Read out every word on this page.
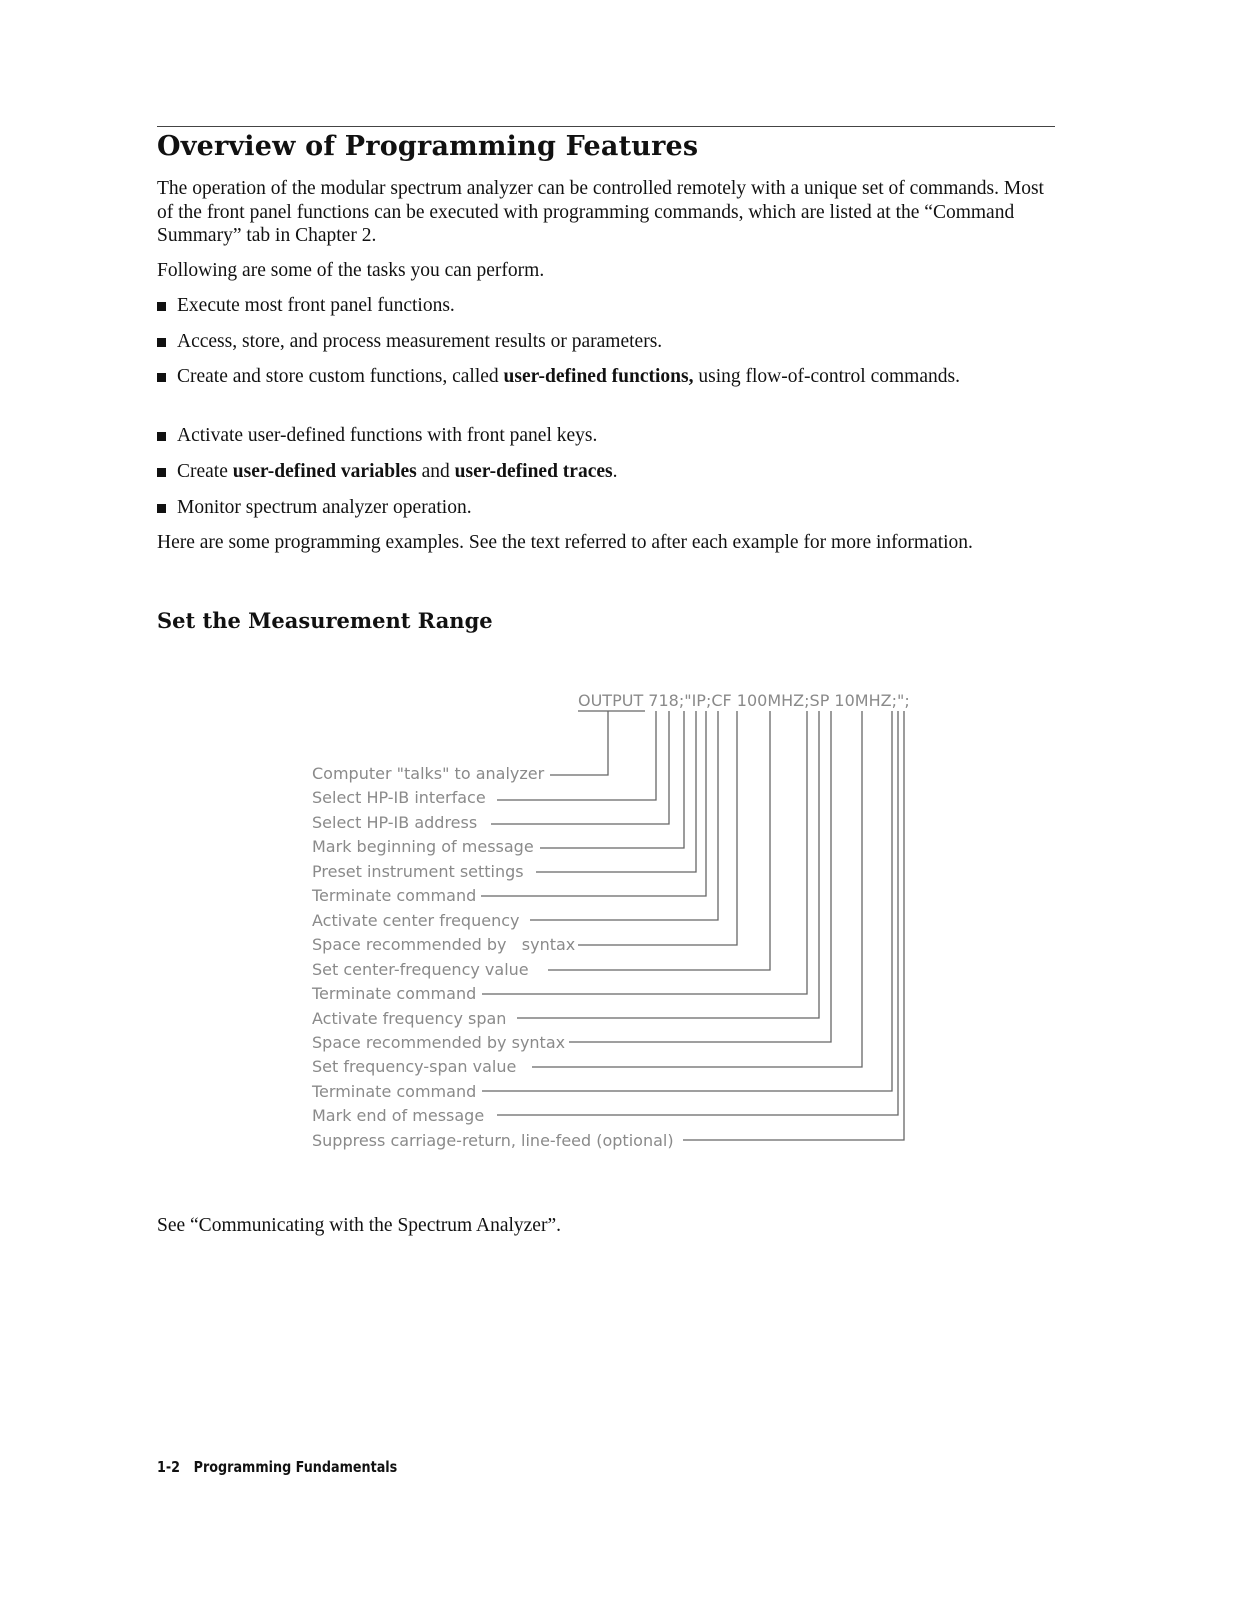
Overview of Programming Features

The operation of the modular spectrum analyzer can be controlled remotely with a unique set of commands. Most of the front panel functions can be executed with programming commands, which are listed at the “Command Summary” tab in Chapter 2.

Following are some of the tasks you can perform.

Execute most front panel functions.
Access, store, and process measurement results or parameters.
Create and store custom functions, called user-defined functions, using flow-of-control commands.
Activate user-defined functions with front panel keys.
Create user-defined variables and user-defined traces.
Monitor spectrum analyzer operation.

Here are some programming examples. See the text referred to after each example for more information.

Set the Measurement Range
OUTPUT 718;"IP;CF 100MHZ;SP 10MHZ;";
Computer "talks" to analyzer
Select HP-IB interface
Select HP-IB address
Mark beginning of message
Preset instrument settings
Terminate command
Activate center frequency
Space recommended by   syntax
Set center-frequency value
Terminate command
Activate frequency span
Space recommended by syntax
Set frequency-span value
Terminate command
Mark end of message
Suppress carriage-return, line-feed (optional)

See “Communicating with the Spectrum Analyzer”.

1-2 Programming Fundamentals
